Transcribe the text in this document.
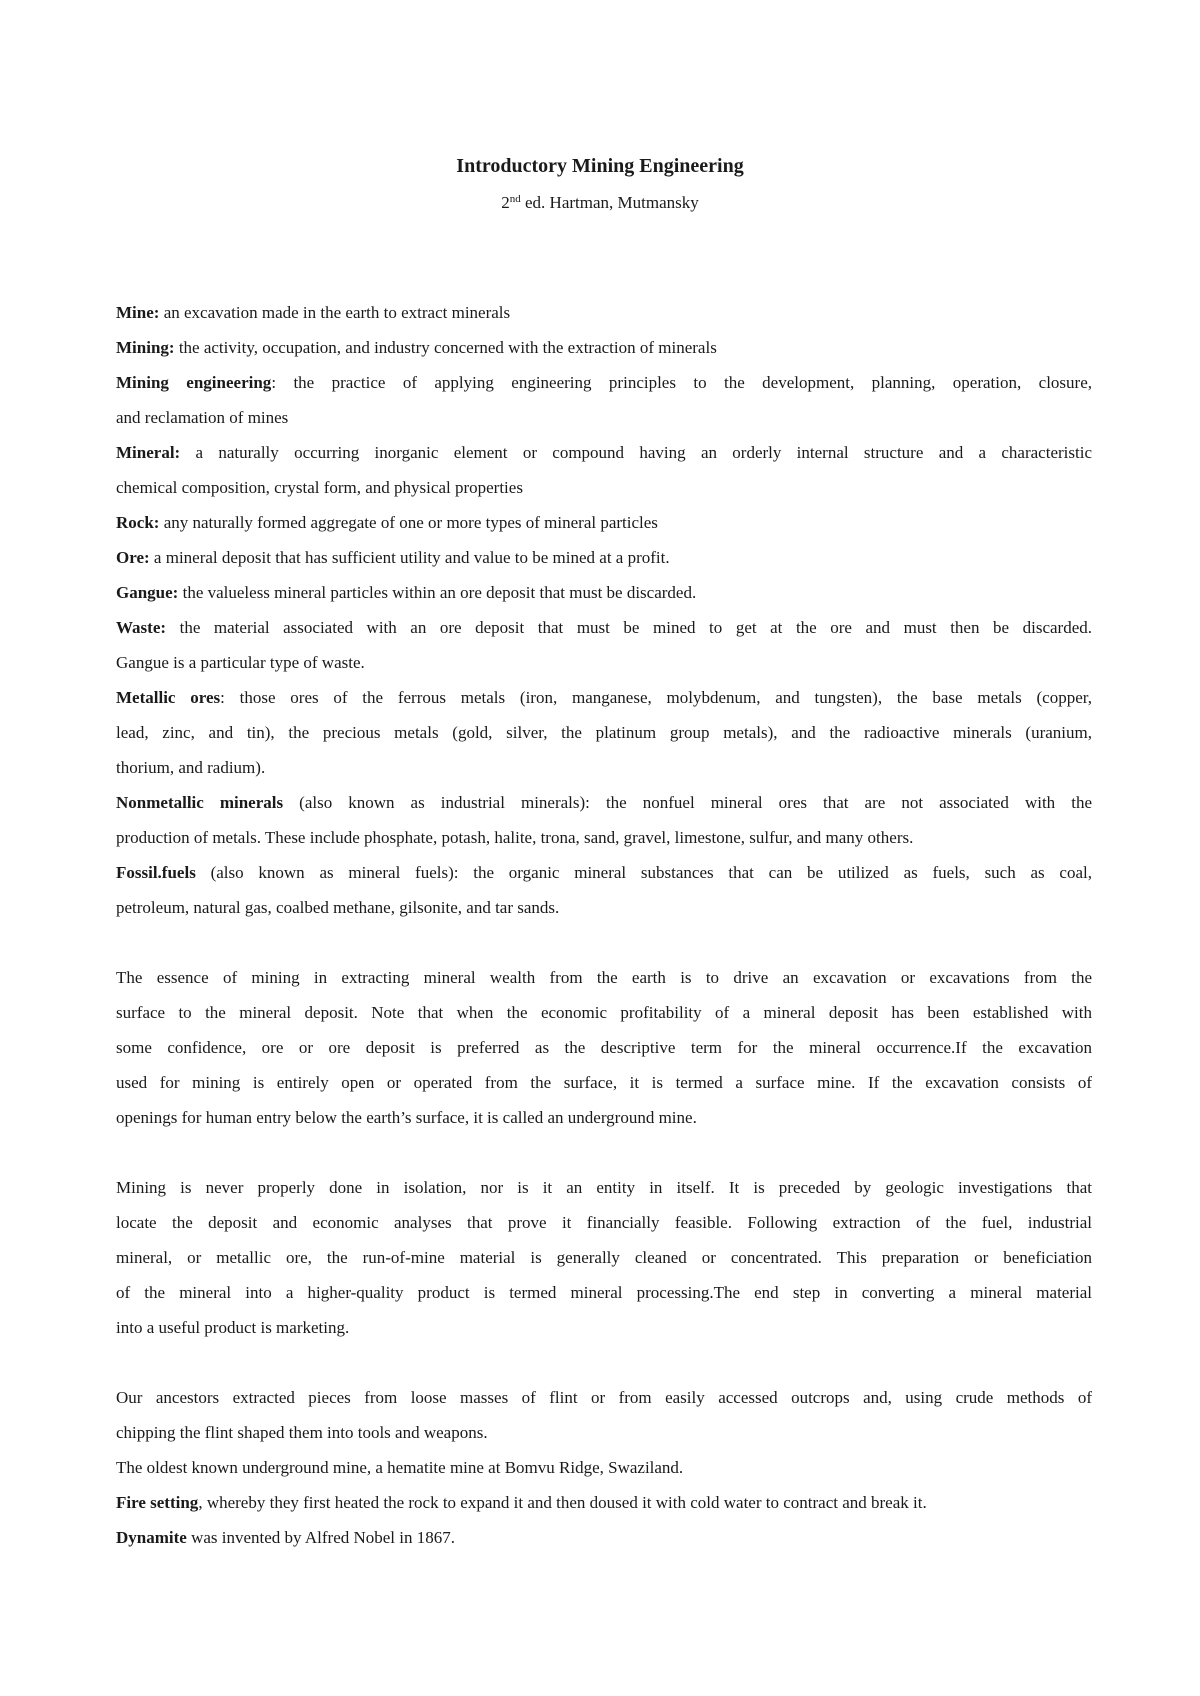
Introductory Mining Engineering
2nd ed. Hartman, Mutmansky
Mine: an excavation made in the earth to extract minerals
Mining: the activity, occupation, and industry concerned with the extraction of minerals
Mining engineering: the practice of applying engineering principles to the development, planning, operation, closure,
and reclamation of mines
Mineral: a naturally occurring inorganic element or compound having an orderly internal structure and a characteristic
chemical composition, crystal form, and physical properties
Rock: any naturally formed aggregate of one or more types of mineral particles
Ore: a mineral deposit that has sufficient utility and value to be mined at a profit.
Gangue: the valueless mineral particles within an ore deposit that must be discarded.
Waste: the material associated with an ore deposit that must be mined to get at the ore and must then be discarded.
Gangue is a particular type of waste.
Metallic ores: those ores of the ferrous metals (iron, manganese, molybdenum, and tungsten), the base metals (copper,
lead, zinc, and tin), the precious metals (gold, silver, the platinum group metals), and the radioactive minerals (uranium,
thorium, and radium).
Nonmetallic minerals (also known as industrial minerals): the nonfuel mineral ores that are not associated with the
production of metals. These include phosphate, potash, halite, trona, sand, gravel, limestone, sulfur, and many others.
Fossil.fuels (also known as mineral fuels): the organic mineral substances that can be utilized as fuels, such as coal,
petroleum, natural gas, coalbed methane, gilsonite, and tar sands.
The essence of mining in extracting mineral wealth from the earth is to drive an excavation or excavations from the
surface to the mineral deposit. Note that when the economic profitability of a mineral deposit has been established with
some confidence, ore or ore deposit is preferred as the descriptive term for the mineral occurrence.If the excavation
used for mining is entirely open or operated from the surface, it is termed a surface mine. If the excavation consists of
openings for human entry below the earth’s surface, it is called an underground mine.
Mining is never properly done in isolation, nor is it an entity in itself. It is preceded by geologic investigations that
locate the deposit and economic analyses that prove it financially feasible. Following extraction of the fuel, industrial
mineral, or metallic ore, the run-of-mine material is generally cleaned or concentrated. This preparation or beneficiation
of the mineral into a higher-quality product is termed mineral processing.The end step in converting a mineral material
into a useful product is marketing.
Our ancestors extracted pieces from loose masses of flint or from easily accessed outcrops and, using crude methods of
chipping the flint shaped them into tools and weapons.
The oldest known underground mine, a hematite mine at Bomvu Ridge, Swaziland.
Fire setting, whereby they first heated the rock to expand it and then doused it with cold water to contract and break it.
Dynamite was invented by Alfred Nobel in 1867.
